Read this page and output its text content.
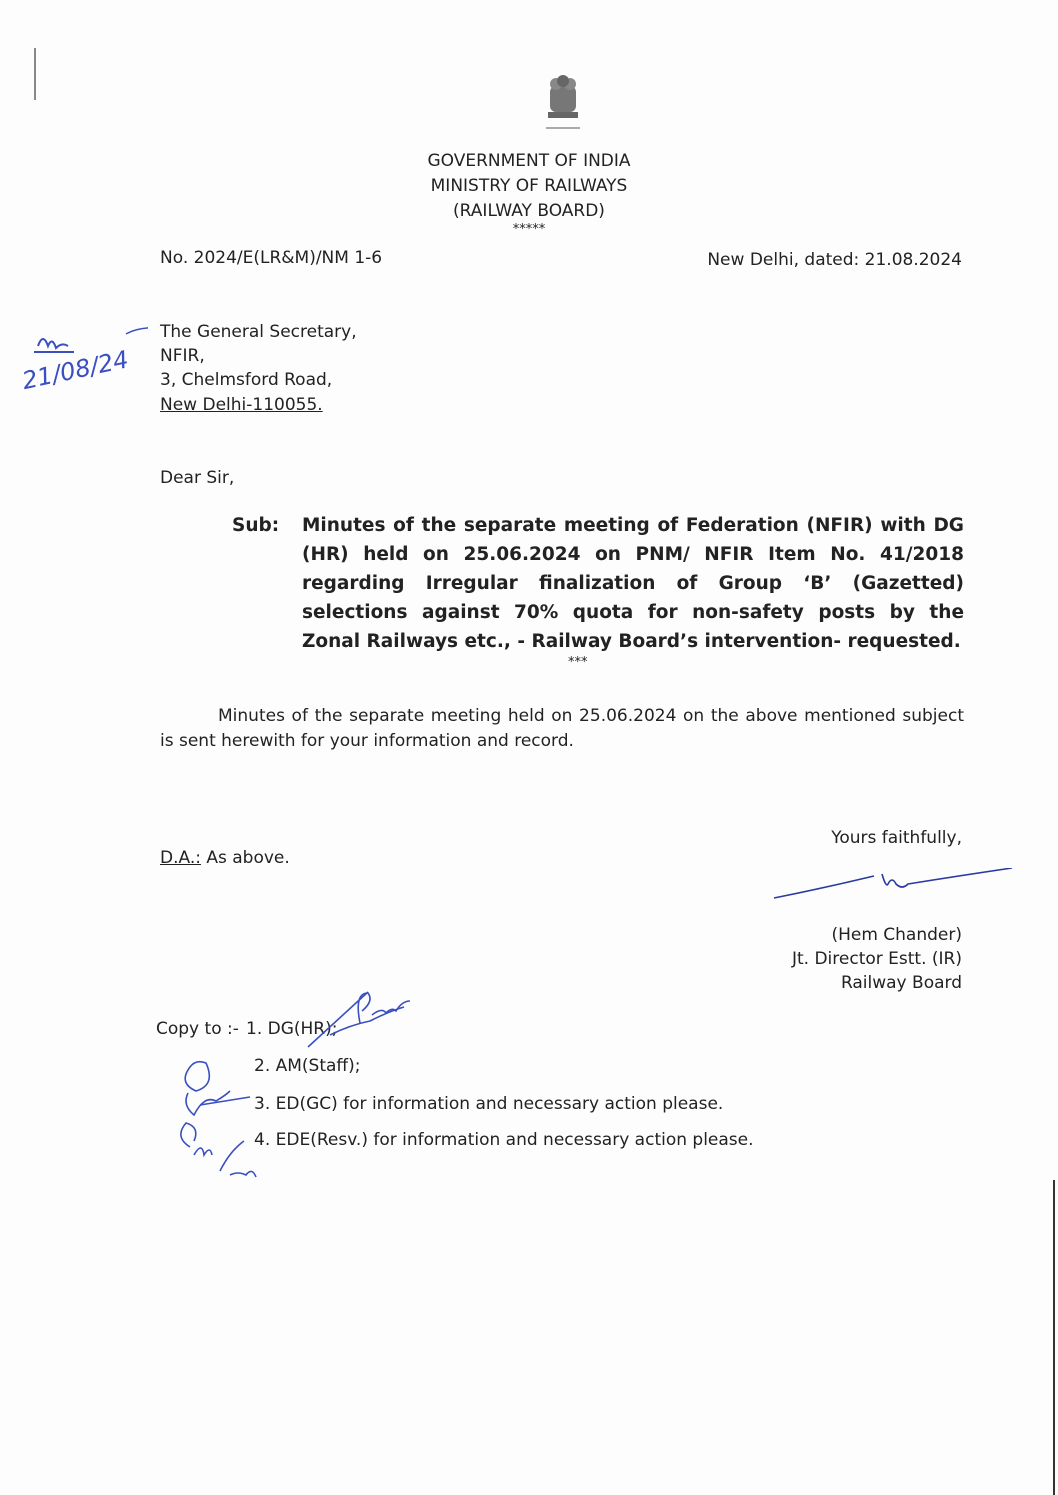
GOVERNMENT OF INDIA
MINISTRY OF RAILWAYS
(RAILWAY BOARD)
*****
No. 2024/E(LR&M)/NM 1-6	New Delhi, dated: 21.08.2024
21/08/24
The General Secretary,
NFIR,
3, Chelmsford Road,
New Delhi-110055.
Dear Sir,
Sub: Minutes of the separate meeting of Federation (NFIR) with DG (HR) held on 25.06.2024 on PNM/ NFIR Item No. 41/2018 regarding Irregular finalization of Group ‘B’ (Gazetted) selections against 70% quota for non-safety posts by the Zonal Railways etc., - Railway Board’s intervention- requested.
***
Minutes of the separate meeting held on 25.06.2024 on the above mentioned subject is sent herewith for your information and record.
Yours faithfully,
D.A.: As above.
(Hem Chander)
Jt. Director Estt. (IR)
Railway Board
Copy to :- 1. DG(HR);
2. AM(Staff);
3. ED(GC) for information and necessary action please.
4. EDE(Resv.) for information and necessary action please.
